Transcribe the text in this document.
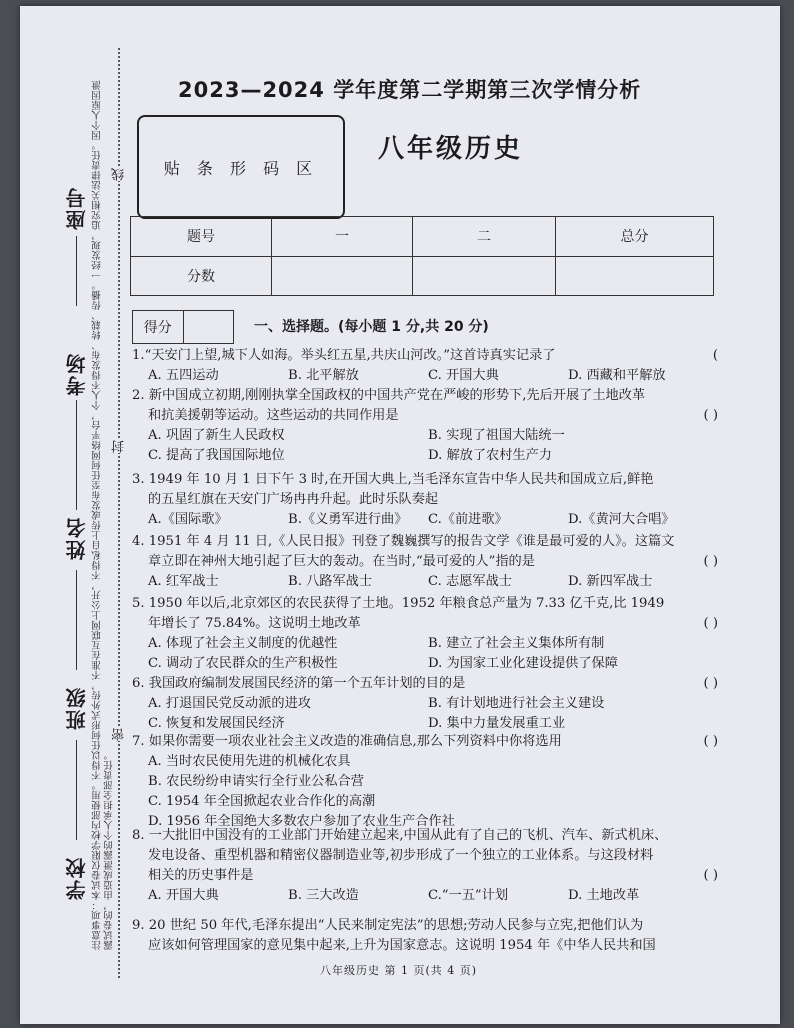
座号
考场
姓名
班级
学校 注意事项：本试卷仅限学校内部使用。不得以任何形式外传，不准在互联网上公开，不得私自上传或发布至任何网络平台，个人不得发布、转载、传播。一经发现，追究相关法律责任。因个人原因泄露试卷的，由造成泄露的个人承担全部责任。
线
封
密
2023—2024 学年度第二学期第三次学情分析
贴 条 形 码 区
八年级历史
题号	一	二	总分
分数			
得分	一、选择题。(每小题 1 分,共 20 分)
1.“天安门上望,城下人如海。举头红五星,共庆山河改。”这首诗真实记录了	(
A. 五四运动	B. 北平解放	C. 开国大典	D. 西藏和平解放
2. 新中国成立初期,刚刚执掌全国政权的中国共产党在严峻的形势下,先后开展了土地改革
和抗美援朝等运动。这些运动的共同作用是	( )
A. 巩固了新生人民政权	B. 实现了祖国大陆统一
C. 提高了我国国际地位	D. 解放了农村生产力
3. 1949 年 10 月 1 日下午 3 时,在开国大典上,当毛泽东宣告中华人民共和国成立后,鲜艳
的五星红旗在天安门广场冉冉升起。此时乐队奏起
A.《国际歌》	B.《义勇军进行曲》	C.《前进歌》	D.《黄河大合唱》
4. 1951 年 4 月 11 日,《人民日报》刊登了魏巍撰写的报告文学《谁是最可爱的人》。这篇文
章立即在神州大地引起了巨大的轰动。在当时,“最可爱的人”指的是	( )
A. 红军战士	B. 八路军战士	C. 志愿军战士	D. 新四军战士
5. 1950 年以后,北京郊区的农民获得了土地。1952 年粮食总产量为 7.33 亿千克,比 1949
年增长了 75.84%。这说明土地改革	( )
A. 体现了社会主义制度的优越性	B. 建立了社会主义集体所有制
C. 调动了农民群众的生产积极性	D. 为国家工业化建设提供了保障
6. 我国政府编制发展国民经济的第一个五年计划的目的是	( )
A. 打退国民党反动派的进攻	B. 有计划地进行社会主义建设
C. 恢复和发展国民经济	D. 集中力量发展重工业
7. 如果你需要一项农业社会主义改造的准确信息,那么下列资料中你将选用	( )
A. 当时农民使用先进的机械化农具
B. 农民纷纷申请实行全行业公私合营
C. 1954 年全国掀起农业合作化的高潮
D. 1956 年全国绝大多数农户参加了农业生产合作社
8. 一大批旧中国没有的工业部门开始建立起来,中国从此有了自己的飞机、汽车、新式机床、
发电设备、重型机器和精密仪器制造业等,初步形成了一个独立的工业体系。与这段材料
相关的历史事件是	( )
A. 开国大典	B. 三大改造	C.“一五”计划	D. 土地改革
9. 20 世纪 50 年代,毛泽东提出“人民来制定宪法”的思想;劳动人民参与立宪,把他们认为
应该如何管理国家的意见集中起来,上升为国家意志。这说明 1954 年《中华人民共和国
八年级历史 第 1 页(共 4 页)
